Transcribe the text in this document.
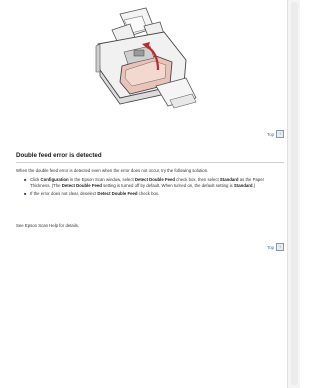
Top	↑
Double feed error is detected
When the double feed error is detected even when the error does not occur, try the following solution.
■ Click Configuration in the Epson Scan window, select Detect Double Feed check box, then select Standard as the Paper Thickness. (The Detect Double Feed setting is turned off by default. When turned on, the default setting is Standard.)
■ If the error does not clear, deselect Detect Double Feed check box.
See Epson Scan Help for details.
Top	↑
